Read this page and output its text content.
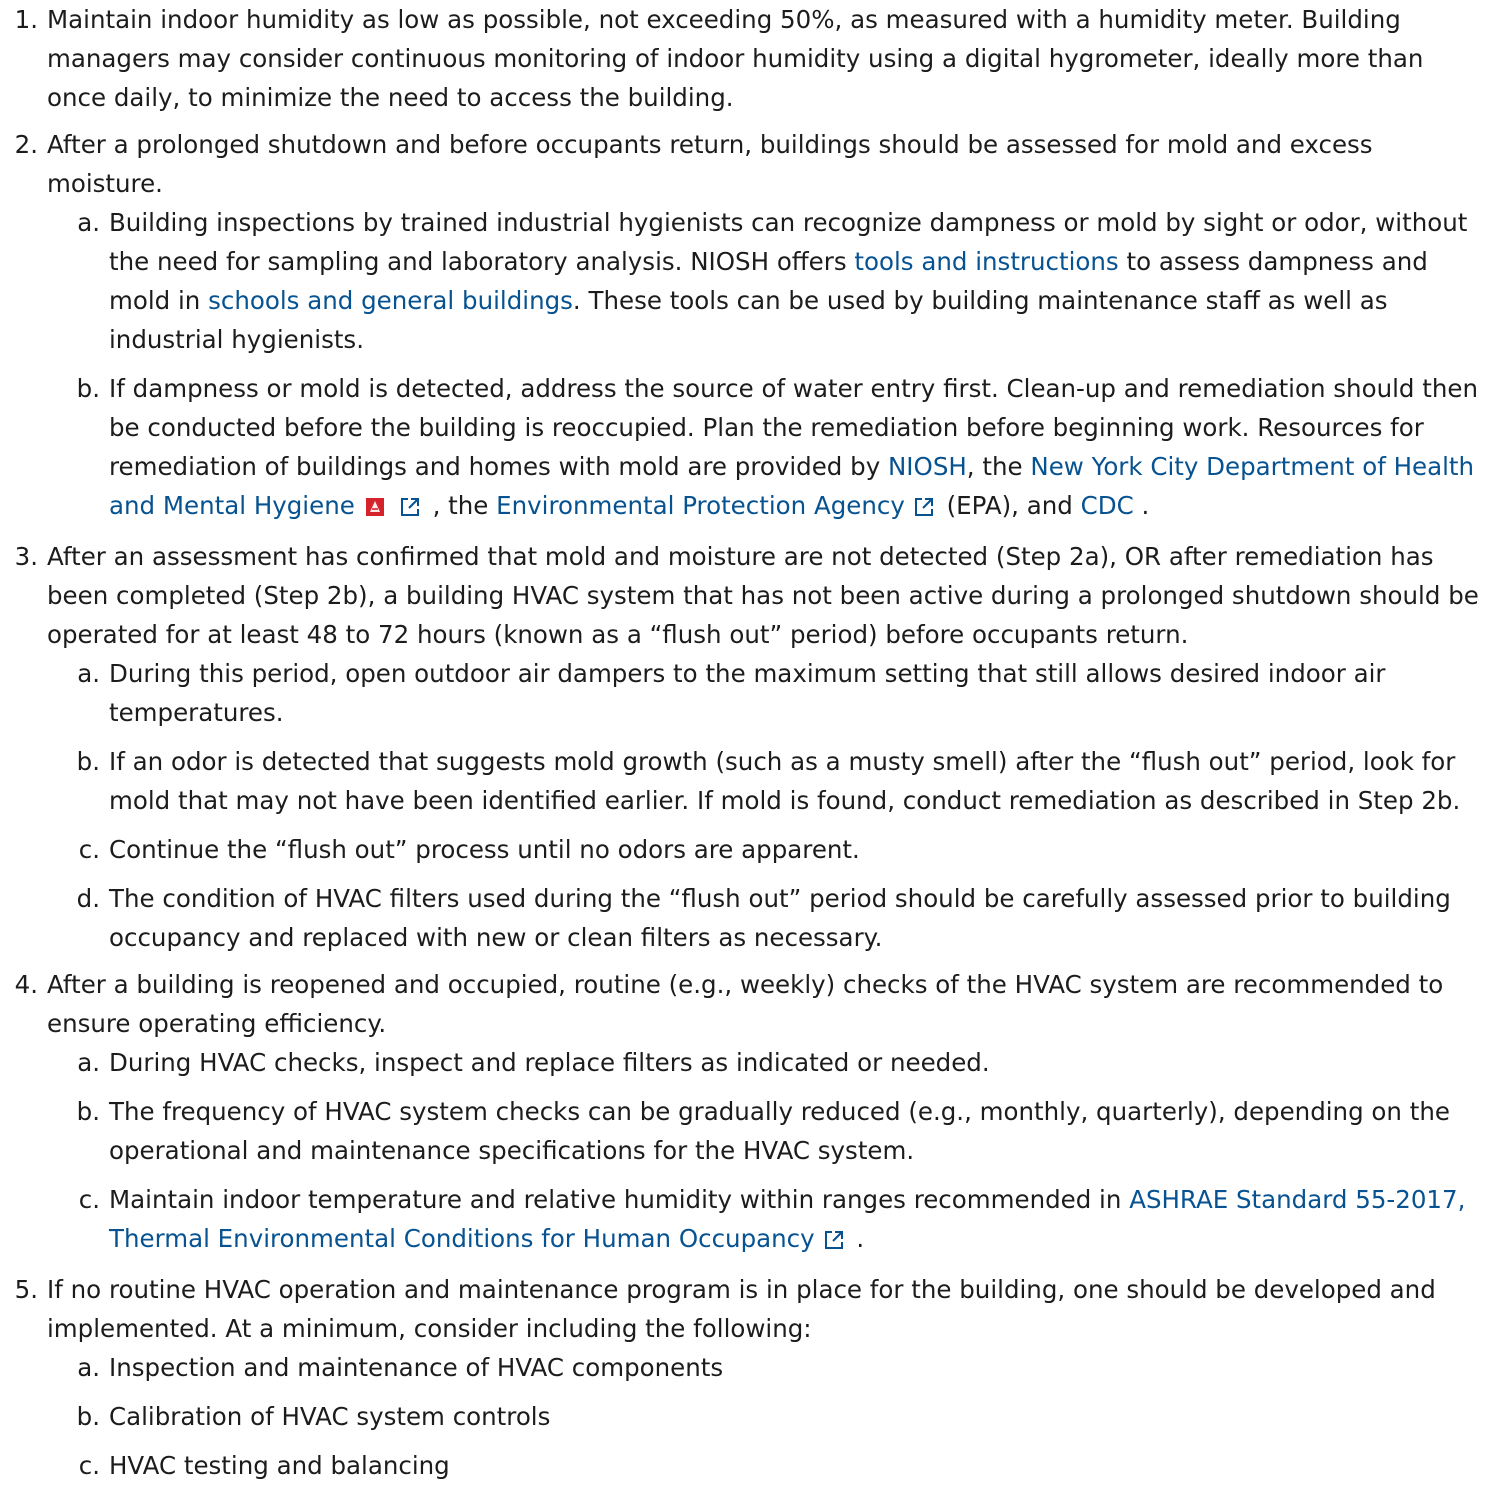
1. Maintain indoor humidity as low as possible, not exceeding 50%, as measured with a humidity meter. Building managers may consider continuous monitoring of indoor humidity using a digital hygrometer, ideally more than once daily, to minimize the need to access the building.
2. After a prolonged shutdown and before occupants return, buildings should be assessed for mold and excess moisture.
a. Building inspections by trained industrial hygienists can recognize dampness or mold by sight or odor, without the need for sampling and laboratory analysis. NIOSH offers tools and instructions to assess dampness and mold in schools and general buildings. These tools can be used by building maintenance staff as well as industrial hygienists.
b. If dampness or mold is detected, address the source of water entry first. Clean-up and remediation should then be conducted before the building is reoccupied. Plan the remediation before beginning work. Resources for remediation of buildings and homes with mold are provided by NIOSH, the New York City Department of Health and Mental Hygiene	, the Environmental Protection Agency (EPA), and CDC .
3. After an assessment has confirmed that mold and moisture are not detected (Step 2a), OR after remediation has been completed (Step 2b), a building HVAC system that has not been active during a prolonged shutdown should be operated for at least 48 to 72 hours (known as a “flush out” period) before occupants return.
a. During this period, open outdoor air dampers to the maximum setting that still allows desired indoor air temperatures.
b. If an odor is detected that suggests mold growth (such as a musty smell) after the “flush out” period, look for mold that may not have been identified earlier. If mold is found, conduct remediation as described in Step 2b.
c. Continue the “flush out” process until no odors are apparent.
d. The condition of HVAC filters used during the “flush out” period should be carefully assessed prior to building occupancy and replaced with new or clean filters as necessary.
4. After a building is reopened and occupied, routine (e.g., weekly) checks of the HVAC system are recommended to ensure operating efficiency.
a. During HVAC checks, inspect and replace filters as indicated or needed.
b. The frequency of HVAC system checks can be gradually reduced (e.g., monthly, quarterly), depending on the operational and maintenance specifications for the HVAC system.
c. Maintain indoor temperature and relative humidity within ranges recommended in ASHRAE Standard 55-2017, Thermal Environmental Conditions for Human Occupancy .
5. If no routine HVAC operation and maintenance program is in place for the building, one should be developed and implemented. At a minimum, consider including the following:
a. Inspection and maintenance of HVAC components
b. Calibration of HVAC system controls
c. HVAC testing and balancing
